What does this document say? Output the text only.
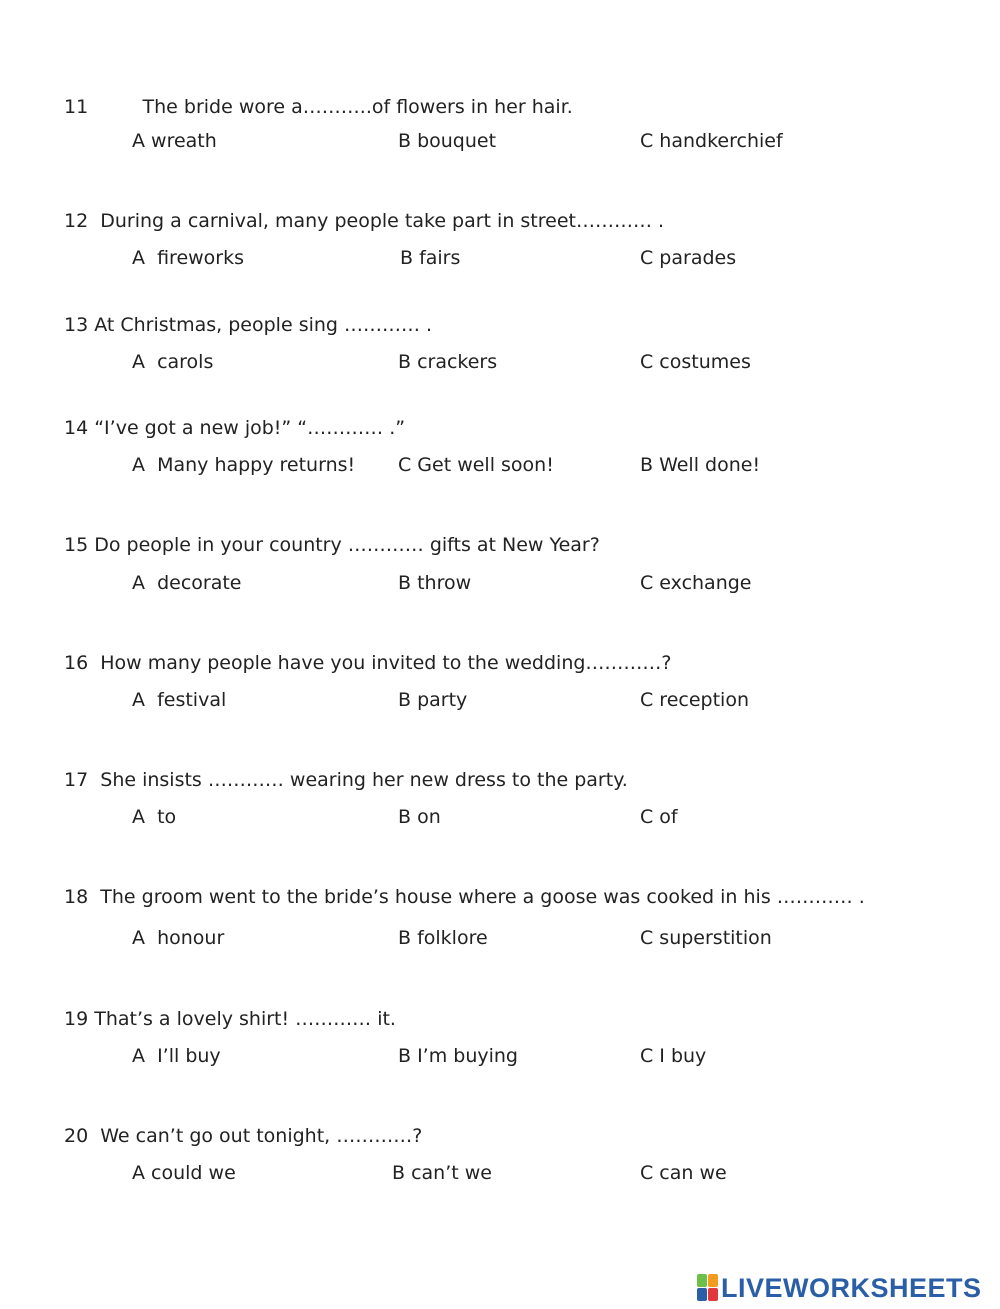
11         The bride wore a………..of flowers in her hair.
A wreath	B bouquet	C handkerchief
12  During a carnival, many people take part in street………… .
A  fireworks	B fairs	C parades
13 At Christmas, people sing ………… .
A  carols	B crackers	C costumes
14 “I’ve got a new job!” “………… .”
A  Many happy returns! C Get well soon!	B Well done!
15 Do people in your country ………… gifts at New Year?
A  decorate	B throw	C exchange
16  How many people have you invited to the wedding…………?
A  festival	B party	C reception
17  She insists ………… wearing her new dress to the party.
A  to	B on	C of
18  The groom went to the bride’s house where a goose was cooked in his ………… .
A  honour	B folklore	C superstition
19 That’s a lovely shirt! ………… it.
A  I’ll buy	B I’m buying	C I buy
20  We can’t go out tonight, …………?
A could we	B can’t we	C can we
LIVEWORKSHEETS
